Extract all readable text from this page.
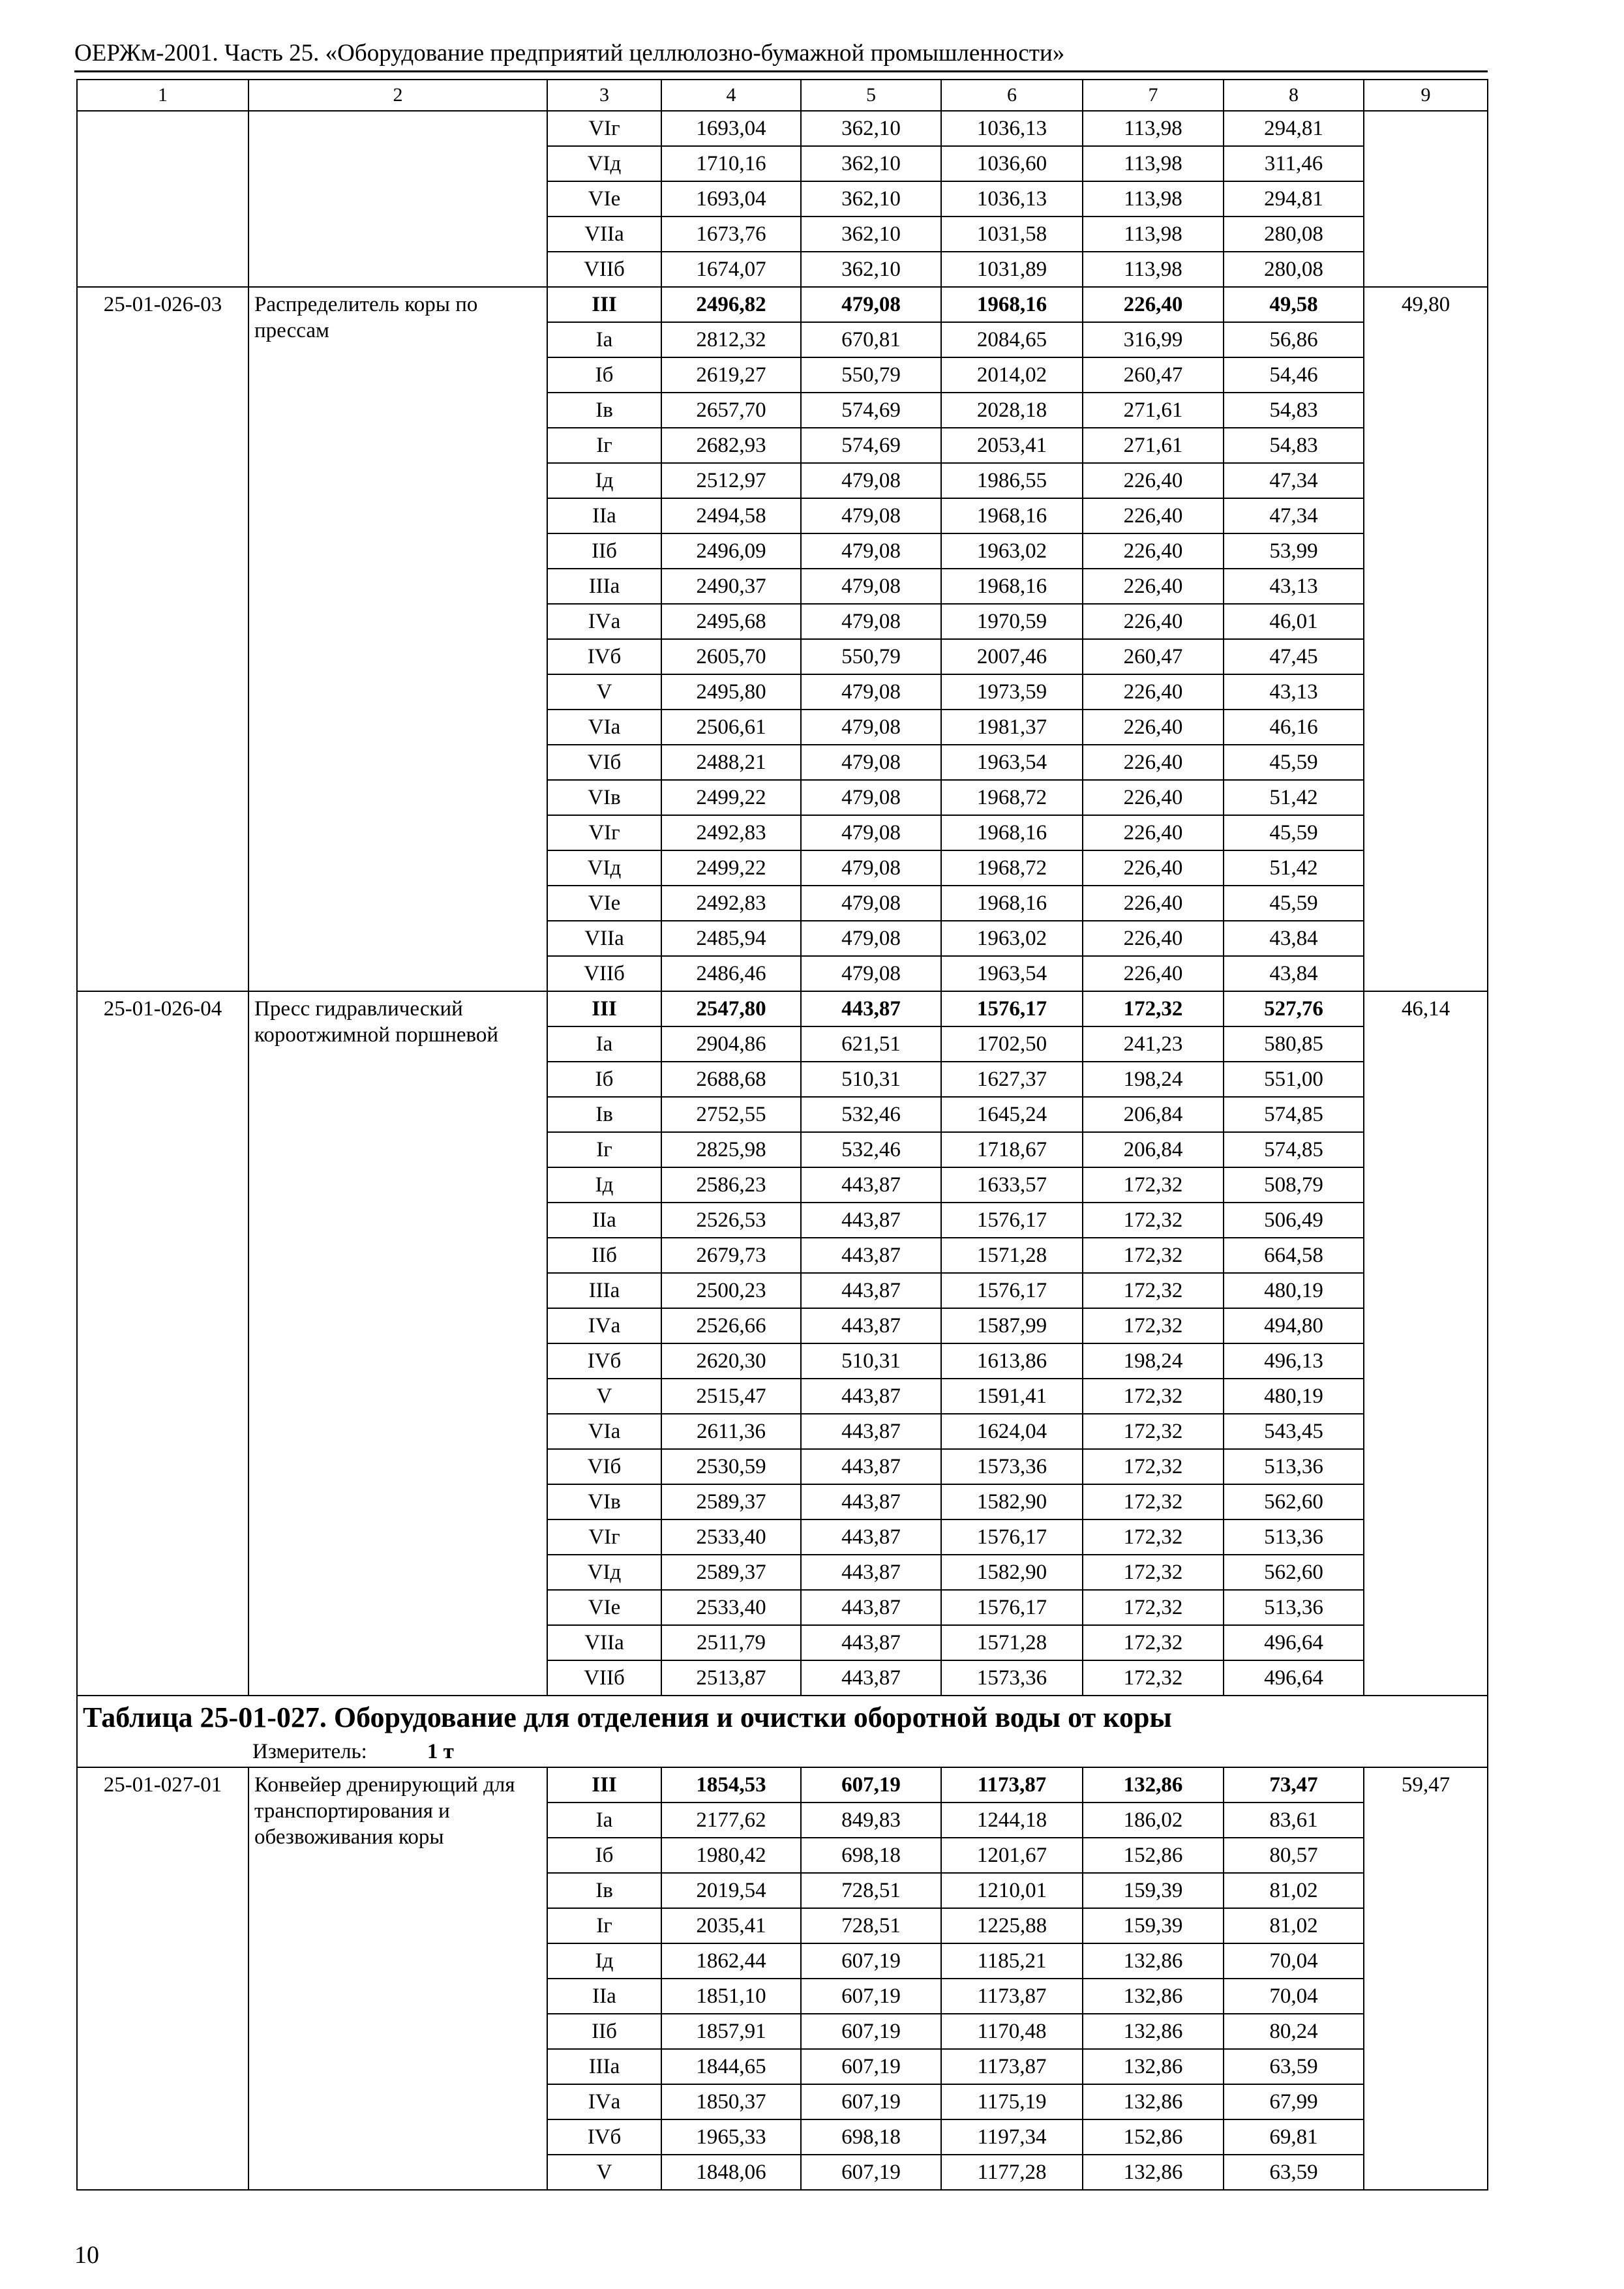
ОЕРЖм-2001. Часть 25. «Оборудование предприятий целлюлозно-бумажной промышленности»
1	2	3	4	5	6	7	8	9
		VIг	1693,04	362,10	1036,13	113,98	294,81	
		VIд	1710,16	362,10	1036,60	113,98	311,46	
		VIе	1693,04	362,10	1036,13	113,98	294,81	
		VIIа	1673,76	362,10	1031,58	113,98	280,08	
		VIIб	1674,07	362,10	1031,89	113,98	280,08	
25-01-026-03	Распределитель коры по прессам	III	2496,82	479,08	1968,16	226,40	49,58	49,80
		Iа	2812,32	670,81	2084,65	316,99	56,86	
		Iб	2619,27	550,79	2014,02	260,47	54,46	
		Iв	2657,70	574,69	2028,18	271,61	54,83	
		Iг	2682,93	574,69	2053,41	271,61	54,83	
		Iд	2512,97	479,08	1986,55	226,40	47,34	
		IIа	2494,58	479,08	1968,16	226,40	47,34	
		IIб	2496,09	479,08	1963,02	226,40	53,99	
		IIIа	2490,37	479,08	1968,16	226,40	43,13	
		IVа	2495,68	479,08	1970,59	226,40	46,01	
		IVб	2605,70	550,79	2007,46	260,47	47,45	
		V	2495,80	479,08	1973,59	226,40	43,13	
		VIа	2506,61	479,08	1981,37	226,40	46,16	
		VIб	2488,21	479,08	1963,54	226,40	45,59	
		VIв	2499,22	479,08	1968,72	226,40	51,42	
		VIг	2492,83	479,08	1968,16	226,40	45,59	
		VIд	2499,22	479,08	1968,72	226,40	51,42	
		VIе	2492,83	479,08	1968,16	226,40	45,59	
		VIIа	2485,94	479,08	1963,02	226,40	43,84	
		VIIб	2486,46	479,08	1963,54	226,40	43,84	
25-01-026-04	Пресс гидравлический короотжимной поршневой	III	2547,80	443,87	1576,17	172,32	527,76	46,14
		Iа	2904,86	621,51	1702,50	241,23	580,85	
		Iб	2688,68	510,31	1627,37	198,24	551,00	
		Iв	2752,55	532,46	1645,24	206,84	574,85	
		Iг	2825,98	532,46	1718,67	206,84	574,85	
		Iд	2586,23	443,87	1633,57	172,32	508,79	
		IIа	2526,53	443,87	1576,17	172,32	506,49	
		IIб	2679,73	443,87	1571,28	172,32	664,58	
		IIIа	2500,23	443,87	1576,17	172,32	480,19	
		IVа	2526,66	443,87	1587,99	172,32	494,80	
		IVб	2620,30	510,31	1613,86	198,24	496,13	
		V	2515,47	443,87	1591,41	172,32	480,19	
		VIа	2611,36	443,87	1624,04	172,32	543,45	
		VIб	2530,59	443,87	1573,36	172,32	513,36	
		VIв	2589,37	443,87	1582,90	172,32	562,60	
		VIг	2533,40	443,87	1576,17	172,32	513,36	
		VIд	2589,37	443,87	1582,90	172,32	562,60	
		VIе	2533,40	443,87	1576,17	172,32	513,36	
		VIIа	2511,79	443,87	1571,28	172,32	496,64	
		VIIб	2513,87	443,87	1573,36	172,32	496,64	

Таблица 25-01-027. Оборудование для отделения и очистки оборотной воды от коры
Измеритель: 1 т								

25-01-027-01	Конвейер дренирующий для транспортирования и обезвоживания коры	III	1854,53	607,19	1173,87	132,86	73,47	59,47
		Iа	2177,62	849,83	1244,18	186,02	83,61	
		Iб	1980,42	698,18	1201,67	152,86	80,57	
		Iв	2019,54	728,51	1210,01	159,39	81,02	
		Iг	2035,41	728,51	1225,88	159,39	81,02	
		Iд	1862,44	607,19	1185,21	132,86	70,04	
		IIа	1851,10	607,19	1173,87	132,86	70,04	
		IIб	1857,91	607,19	1170,48	132,86	80,24	
		IIIа	1844,65	607,19	1173,87	132,86	63,59	
		IVа	1850,37	607,19	1175,19	132,86	67,99	
		IVб	1965,33	698,18	1197,34	152,86	69,81	
		V	1848,06	607,19	1177,28	132,86	63,59	
10
